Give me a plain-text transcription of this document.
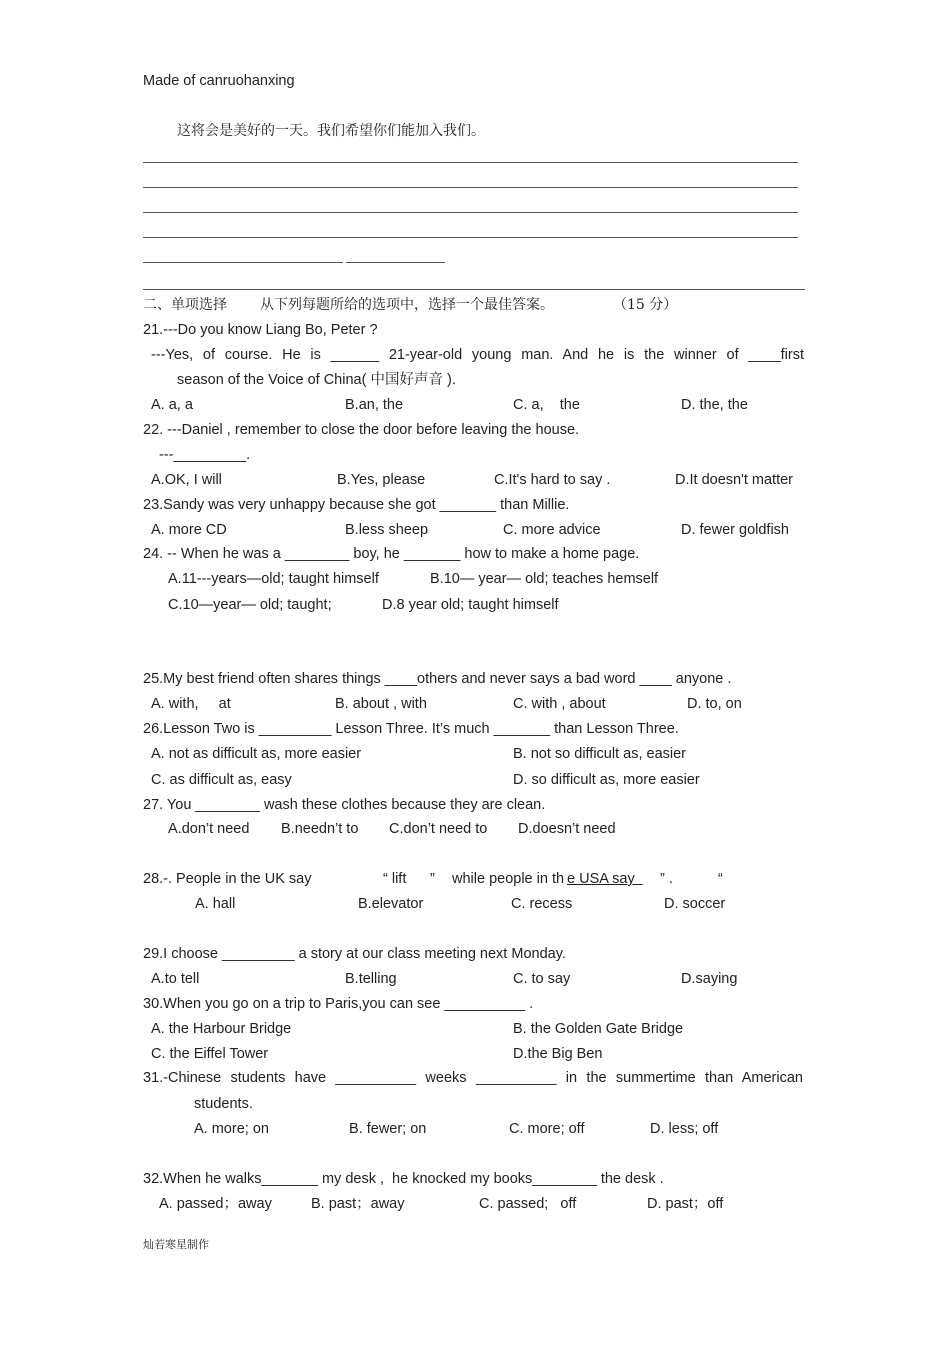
Made of canruohanxing
这将会是美好的一天。我们希望你们能加入我们。
二、单项选择 从下列每题所给的选项中，选择一个最佳答案。	（15 分）
21.---Do you know Liang Bo, Peter ?
---Yes, of course. He is ______ 21-year-old young man. And he is the winner of ____first
season of the Voice of China( 中国好声音 ).
A. a, a	B.an, the	C. a,    the	D. the, the
22. ---Daniel , remember to close the door before leaving the house.
---_________.
A.OK, I will	B.Yes, please	C.It's hard to say .	D.It doesn't matter
23.Sandy was very unhappy because she got _______ than Millie.
A. more CD	B.less sheep	C. more advice	D. fewer goldfish
24. -- When he was a ________ boy, he _______ how to make a home page.
A.11---years—old; taught himself	B.10— year— old; teaches hemself
C.10—year— old; taught;	D.8 year old; taught himself
25.My best friend often shares things ____others and never says a bad word ____ anyone .
A. with,     at	B. about , with	C. with , about	D. to, on
26.Lesson Two is _________ Lesson Three. It’s much _______ than Lesson Three.
A. not as difficult as, more easier	B. not so difficult as, easier
C. as difficult as, easy	D. so difficult as, more easier
27. You ________ wash these clothes because they are clean.
A.don’t need B.needn’t to C.don’t need to D.doesn’t need
28.-. People in the UK say	“ lift ” while people in th e USA say ” .	“
A. hall	B.elevator	C. recess	D. soccer
29.I choose _________ a story at our class meeting next Monday.
A.to tell	B.telling	C. to say	D.saying
30.When you go on a trip to Paris,you can see __________ .
A. the Harbour Bridge	B. the Golden Gate Bridge
C. the Eiffel Tower	D.the Big Ben
31.-Chinese students have __________ weeks __________ in the summertime than American
students.
A. more; on	B. fewer; on	C. more; off	D. less; off
32.When he walks_______ my desk ,  he knocked my books________ the desk .
A. passed；away	B. past；away	C. passed;   off	D. past；off
灿若寒星制作
